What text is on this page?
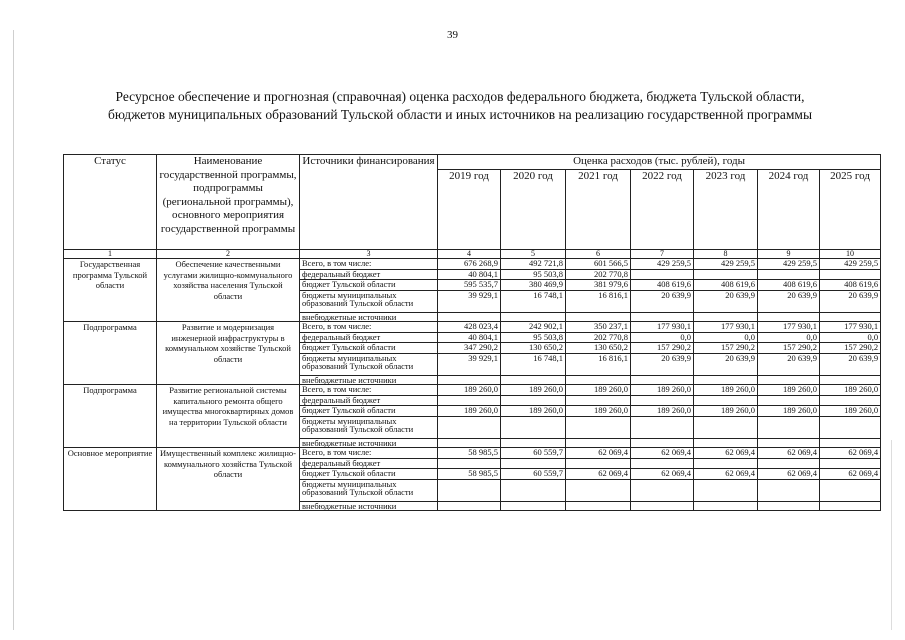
39
Ресурсное обеспечение и прогнозная (справочная) оценка расходов федерального бюджета, бюджета Тульской области, бюджетов муниципальных образований Тульской области и иных источников на реализацию государственной программы
Статус	Наименование государственной программы, подпрограммы (региональной программы), основного мероприятия государственной программы	Источники финансирования	Оценка расходов (тыс. рублей), годы						
			2019 год	2020 год	2021 год	2022 год	2023 год	2024 год	2025 год
1	2	3	4	5	6	7	8	9	10
Государственная программа Тульской области	Обеспечение качественными услугами жилищно-коммунального хозяйства населения Тульской области	Всего, в том числе:	676 268,9	492 721,8	601 566,5	429 259,5	429 259,5	429 259,5	429 259,5
		федеральный бюджет	40 804,1	95 503,8	202 770,8				
		бюджет Тульской области	595 535,7	380 469,9	381 979,6	408 619,6	408 619,6	408 619,6	408 619,6
		бюджеты муниципальных образований Тульской области	39 929,1	16 748,1	16 816,1	20 639,9	20 639,9	20 639,9	20 639,9
		внебюджетные источники							
Подпрограмма	Развитие и модернизация инженерной инфраструктуры в коммунальном хозяйстве Тульской области	Всего, в том числе:	428 023,4	242 902,1	350 237,1	177 930,1	177 930,1	177 930,1	177 930,1
		федеральный бюджет	40 804,1	95 503,8	202 770,8	0,0	0,0	0,0	0,0
		бюджет Тульской области	347 290,2	130 650,2	130 650,2	157 290,2	157 290,2	157 290,2	157 290,2
		бюджеты муниципальных образований Тульской области	39 929,1	16 748,1	16 816,1	20 639,9	20 639,9	20 639,9	20 639,9
		внебюджетные источники							
Подпрограмма	Развитие региональной системы капитального ремонта общего имущества многоквартирных домов на территории Тульской области	Всего, в том числе:	189 260,0	189 260,0	189 260,0	189 260,0	189 260,0	189 260,0	189 260,0
		федеральный бюджет							
		бюджет Тульской области	189 260,0	189 260,0	189 260,0	189 260,0	189 260,0	189 260,0	189 260,0
		бюджеты муниципальных образований Тульской области							
		внебюджетные источники							
Основное мероприятие	Имущественный комплекс жилищно-коммунального хозяйства Тульской области	Всего, в том числе:	58 985,5	60 559,7	62 069,4	62 069,4	62 069,4	62 069,4	62 069,4
		федеральный бюджет							
		бюджет Тульской области	58 985,5	60 559,7	62 069,4	62 069,4	62 069,4	62 069,4	62 069,4
		бюджеты муниципальных образований Тульской области							
		внебюджетные источники							
